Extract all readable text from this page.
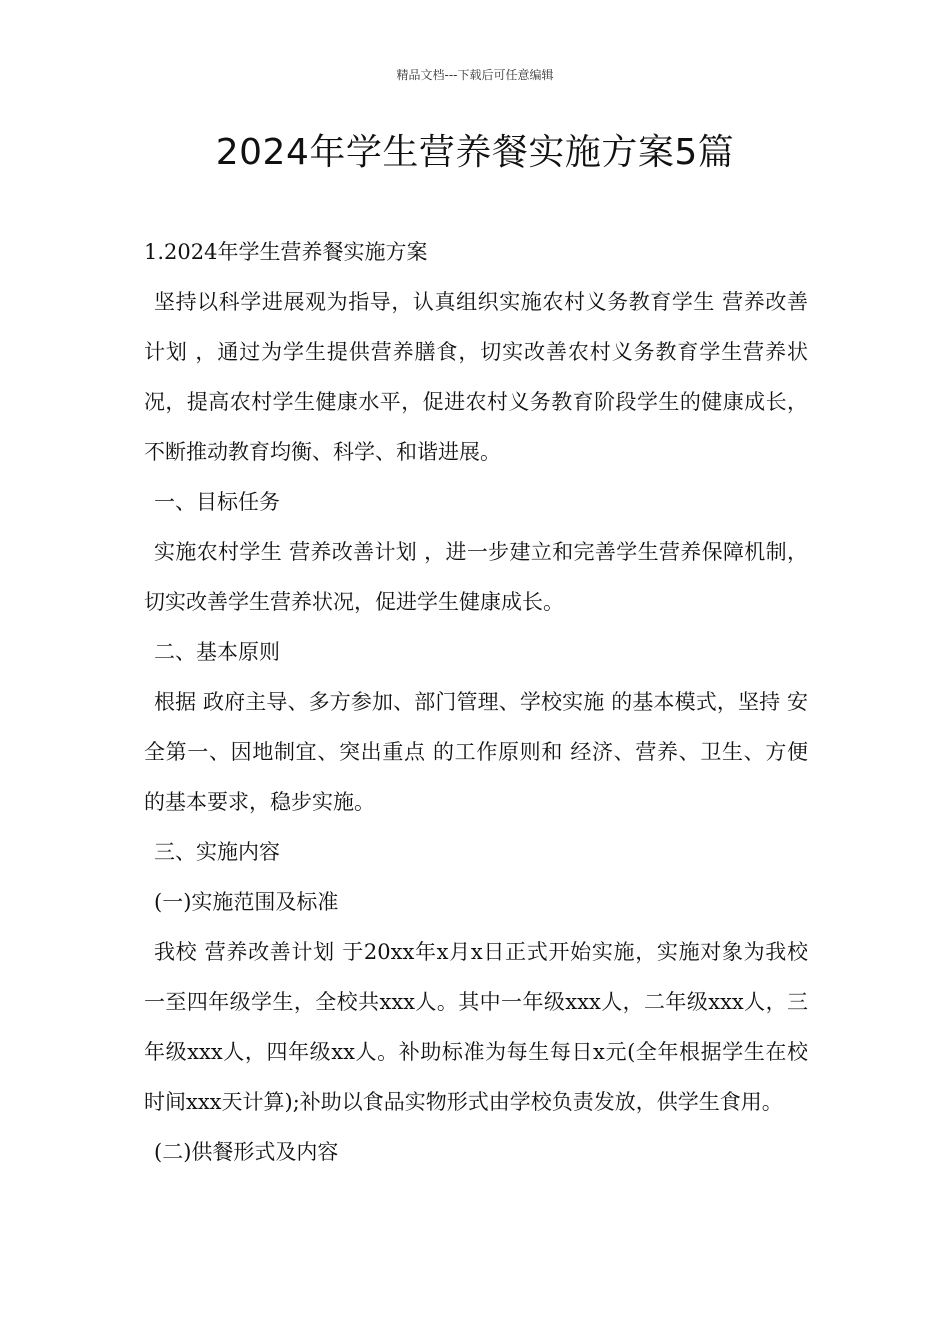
精品文档---下载后可任意编辑
2024年学生营养餐实施方案5篇

1.2024年学生营养餐实施方案

坚持以科学进展观为指导，认真组织实施农村义务教育学生 营养改善计划 ，通过为学生提供营养膳食，切实改善农村义务教育学生营养状况，提高农村学生健康水平，促进农村义务教育阶段学生的健康成长，不断推动教育均衡、科学、和谐进展。

一、目标任务

实施农村学生 营养改善计划 ，进一步建立和完善学生营养保障机制，切实改善学生营养状况，促进学生健康成长。

二、基本原则

根据 政府主导、多方参加、部门管理、学校实施 的基本模式，坚持 安全第一、因地制宜、突出重点 的工作原则和 经济、营养、卫生、方便 的基本要求，稳步实施。

三、实施内容

(一)实施范围及标准

我校 营养改善计划 于20xx年x月x日正式开始实施，实施对象为我校一至四年级学生，全校共xxx人。其中一年级xxx人，二年级xxx人，三年级xxx人，四年级xx人。补助标准为每生每日x元(全年根据学生在校时间xxx天计算);补助以食品实物形式由学校负责发放，供学生食用。

(二)供餐形式及内容
